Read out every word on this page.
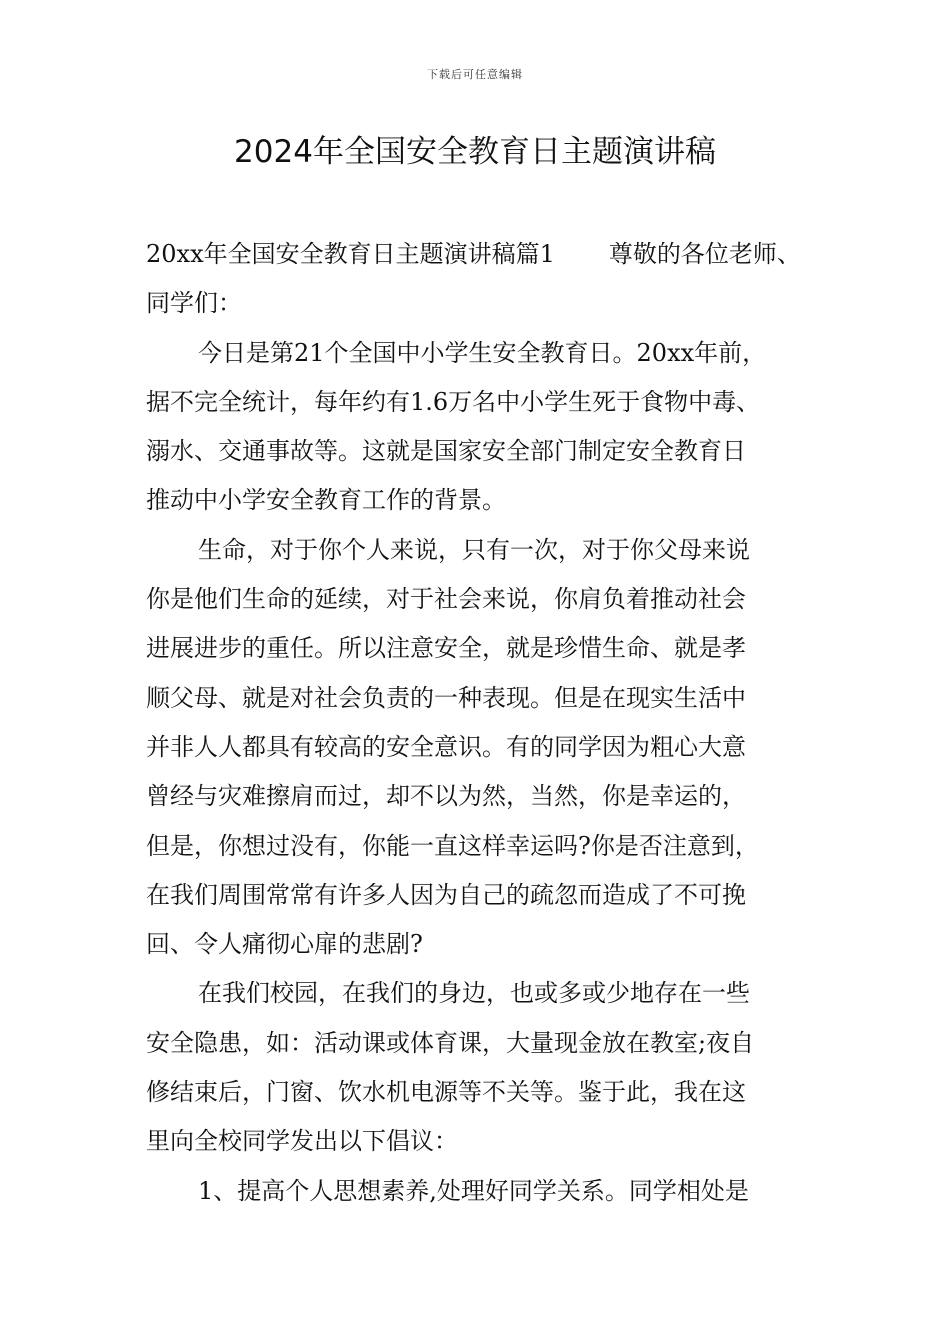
下载后可任意编辑
2024年全国安全教育日主题演讲稿
20xx年全国安全教育日主题演讲稿篇1 尊敬的各位老师、
同学们：
今日是第21个全国中小学生安全教育日。20xx年前，
据不完全统计，每年约有1.6万名中小学生死于食物中毒、
溺水、交通事故等。这就是国家安全部门制定安全教育日
推动中小学安全教育工作的背景。
生命，对于你个人来说，只有一次，对于你父母来说
你是他们生命的延续，对于社会来说，你肩负着推动社会
进展进步的重任。所以注意安全，就是珍惜生命、就是孝
顺父母、就是对社会负责的一种表现。但是在现实生活中
并非人人都具有较高的安全意识。有的同学因为粗心大意
曾经与灾难擦肩而过，却不以为然，当然，你是幸运的，
但是，你想过没有，你能一直这样幸运吗?你是否注意到，
在我们周围常常有许多人因为自己的疏忽而造成了不可挽
回、令人痛彻心扉的悲剧?
在我们校园，在我们的身边，也或多或少地存在一些
安全隐患，如：活动课或体育课，大量现金放在教室;夜自
修结束后，门窗、饮水机电源等不关等。鉴于此，我在这
里向全校同学发出以下倡议：
1、提高个人思想素养,处理好同学关系。同学相处是
